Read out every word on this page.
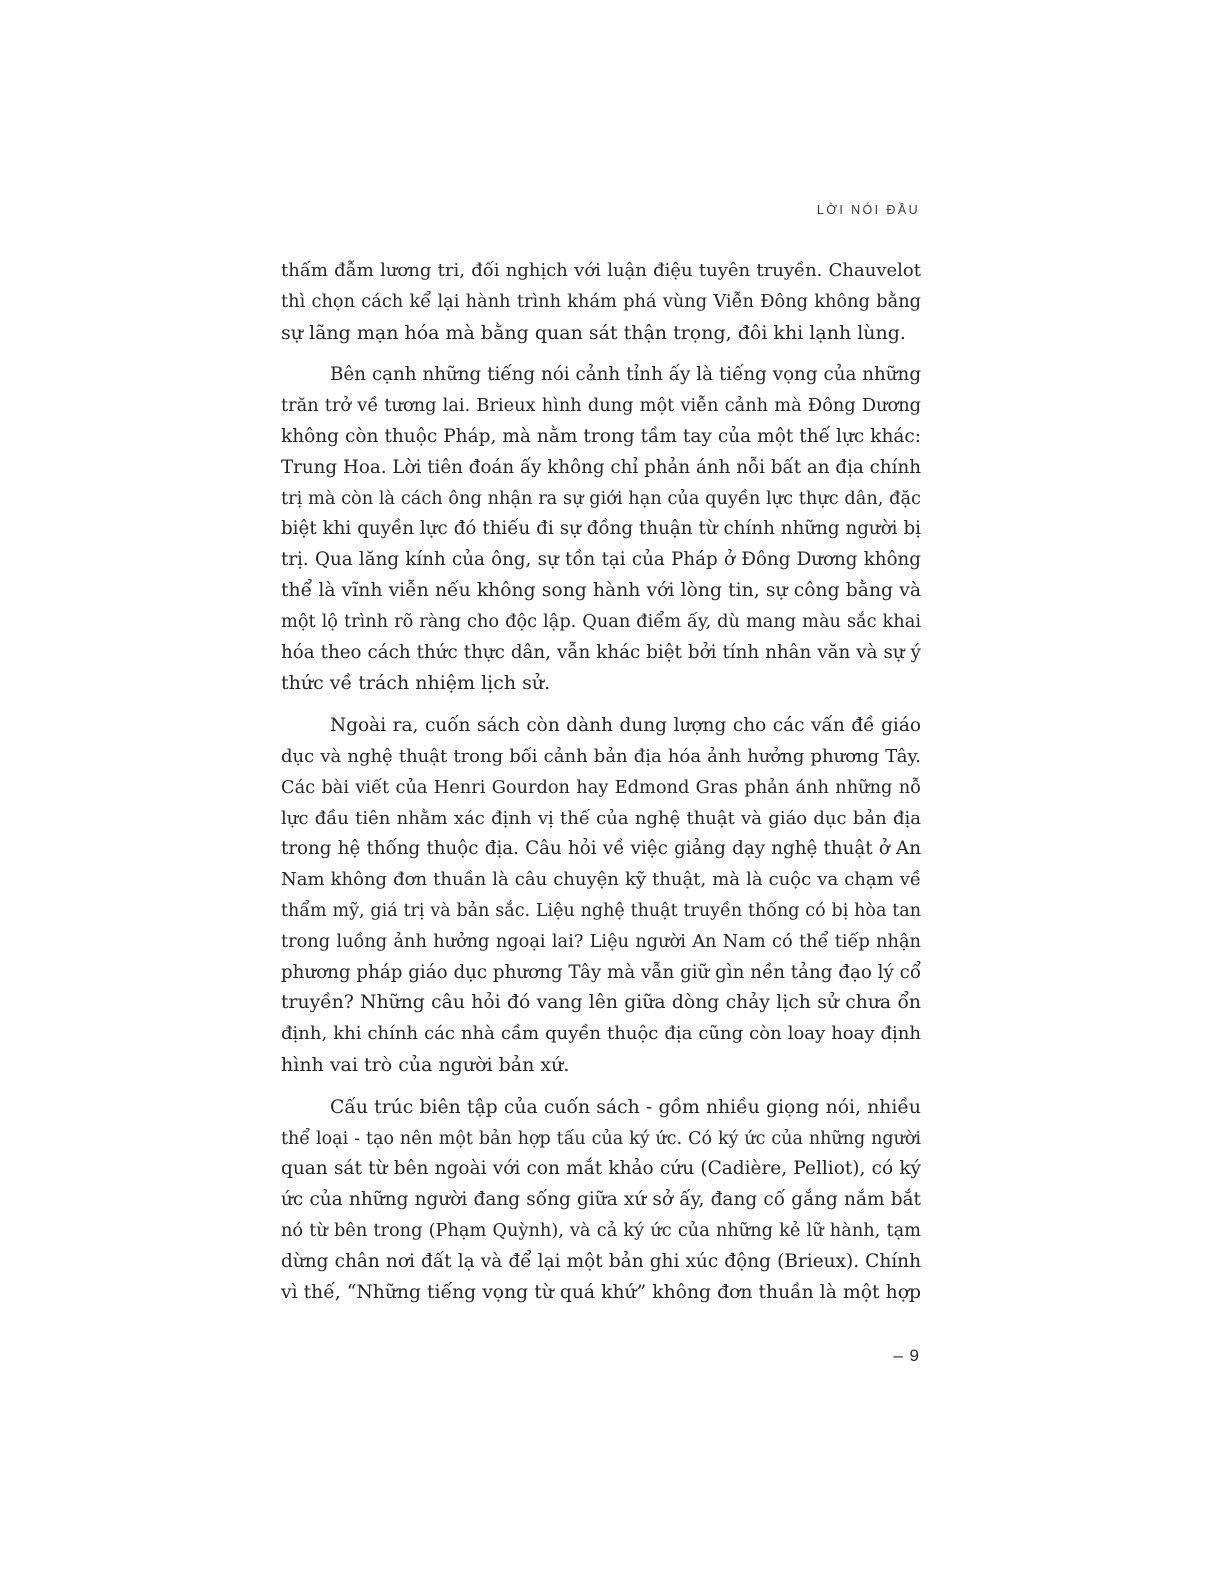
LỜI NÓI ĐẦU
thấm đẫm lương tri, đối nghịch với luận điệu tuyên truyền. Chauvelot
thì chọn cách kể lại hành trình khám phá vùng Viễn Đông không bằng
sự lãng mạn hóa mà bằng quan sát thận trọng, đôi khi lạnh lùng.
Bên cạnh những tiếng nói cảnh tỉnh ấy là tiếng vọng của những
trăn trở về tương lai. Brieux hình dung một viễn cảnh mà Đông Dương
không còn thuộc Pháp, mà nằm trong tầm tay của một thế lực khác:
Trung Hoa. Lời tiên đoán ấy không chỉ phản ánh nỗi bất an địa chính
trị mà còn là cách ông nhận ra sự giới hạn của quyền lực thực dân, đặc
biệt khi quyền lực đó thiếu đi sự đồng thuận từ chính những người bị
trị. Qua lăng kính của ông, sự tồn tại của Pháp ở Đông Dương không
thể là vĩnh viễn nếu không song hành với lòng tin, sự công bằng và
một lộ trình rõ ràng cho độc lập. Quan điểm ấy, dù mang màu sắc khai
hóa theo cách thức thực dân, vẫn khác biệt bởi tính nhân văn và sự ý
thức về trách nhiệm lịch sử.
Ngoài ra, cuốn sách còn dành dung lượng cho các vấn đề giáo
dục và nghệ thuật trong bối cảnh bản địa hóa ảnh hưởng phương Tây.
Các bài viết của Henri Gourdon hay Edmond Gras phản ánh những nỗ
lực đầu tiên nhằm xác định vị thế của nghệ thuật và giáo dục bản địa
trong hệ thống thuộc địa. Câu hỏi về việc giảng dạy nghệ thuật ở An
Nam không đơn thuần là câu chuyện kỹ thuật, mà là cuộc va chạm về
thẩm mỹ, giá trị và bản sắc. Liệu nghệ thuật truyền thống có bị hòa tan
trong luồng ảnh hưởng ngoại lai? Liệu người An Nam có thể tiếp nhận
phương pháp giáo dục phương Tây mà vẫn giữ gìn nền tảng đạo lý cổ
truyền? Những câu hỏi đó vang lên giữa dòng chảy lịch sử chưa ổn
định, khi chính các nhà cầm quyền thuộc địa cũng còn loay hoay định
hình vai trò của người bản xứ.
Cấu trúc biên tập của cuốn sách - gồm nhiều giọng nói, nhiều
thể loại - tạo nên một bản hợp tấu của ký ức. Có ký ức của những người
quan sát từ bên ngoài với con mắt khảo cứu (Cadière, Pelliot), có ký
ức của những người đang sống giữa xứ sở ấy, đang cố gắng nắm bắt
nó từ bên trong (Phạm Quỳnh), và cả ký ức của những kẻ lữ hành, tạm
dừng chân nơi đất lạ và để lại một bản ghi xúc động (Brieux). Chính
vì thế, “Những tiếng vọng từ quá khứ” không đơn thuần là một hợp
– 9
